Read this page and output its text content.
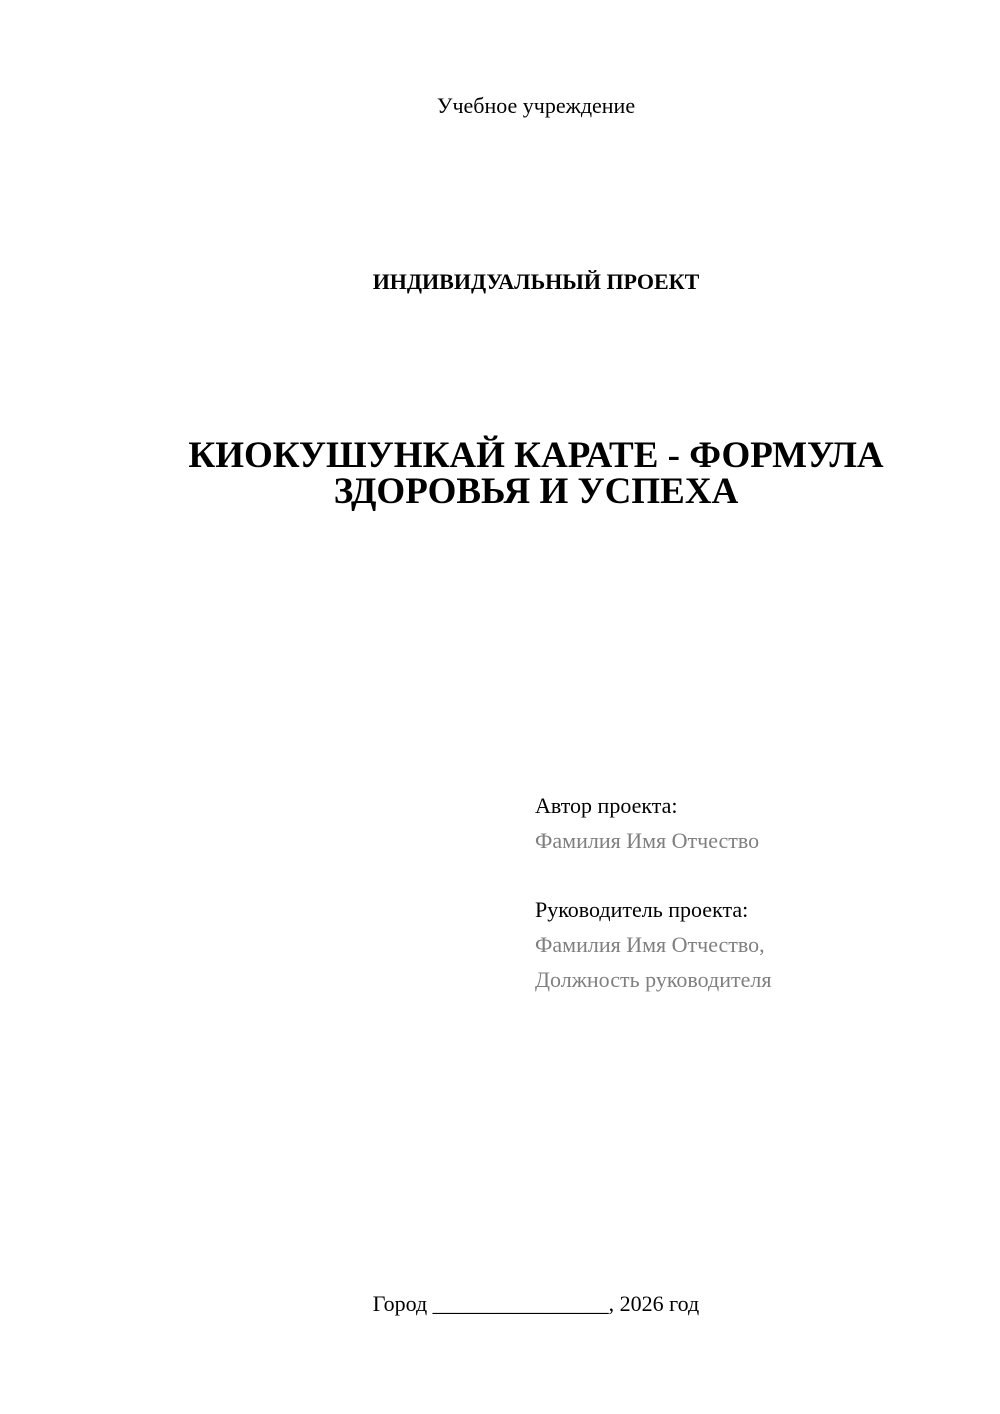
Учебное учреждение
ИНДИВИДУАЛЬНЫЙ ПРОЕКТ
КИОКУШУНКАЙ КАРАТЕ - ФОРМУЛА
ЗДОРОВЬЯ И УСПЕХА
Автор проекта:
Фамилия Имя Отчество
Руководитель проекта:
Фамилия Имя Отчество,
Должность руководителя
Город ________________, 2026 год
